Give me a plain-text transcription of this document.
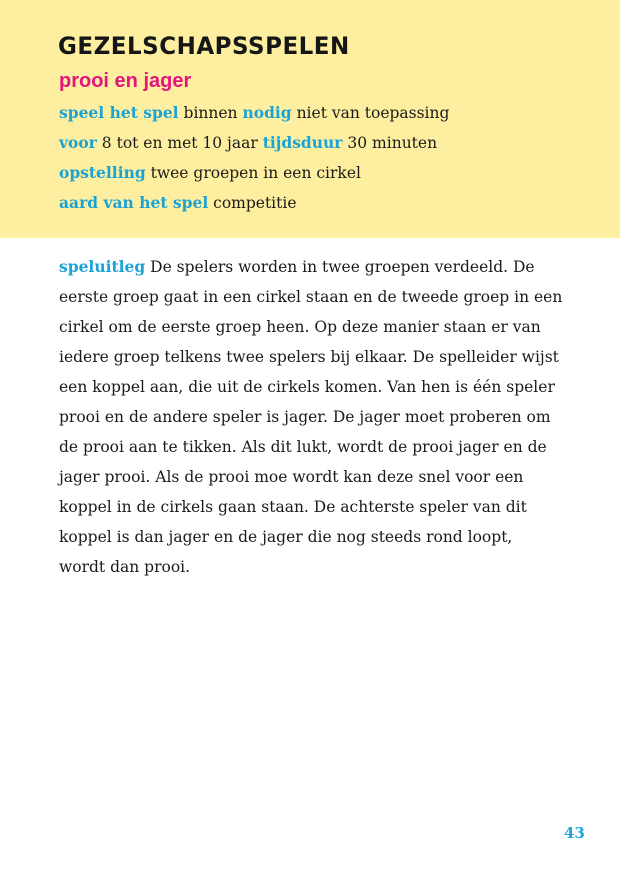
GEZELSCHAPSSPELEN
prooi en jager
speel het spel binnen nodig niet van toepassing
voor 8 tot en met 10 jaar tijdsduur 30 minuten
opstelling twee groepen in een cirkel
aard van het spel competitie
speluitleg De spelers worden in twee groepen verdeeld. De
eerste groep gaat in een cirkel staan en de tweede groep in een
cirkel om de eerste groep heen. Op deze manier staan er van
iedere groep telkens twee spelers bij elkaar. De spelleider wijst
een koppel aan, die uit de cirkels komen. Van hen is één speler
prooi en de andere speler is jager. De jager moet proberen om
de prooi aan te tikken. Als dit lukt, wordt de prooi jager en de
jager prooi. Als de prooi moe wordt kan deze snel voor een
koppel in de cirkels gaan staan. De achterste speler van dit
koppel is dan jager en de jager die nog steeds rond loopt,
wordt dan prooi.
43
